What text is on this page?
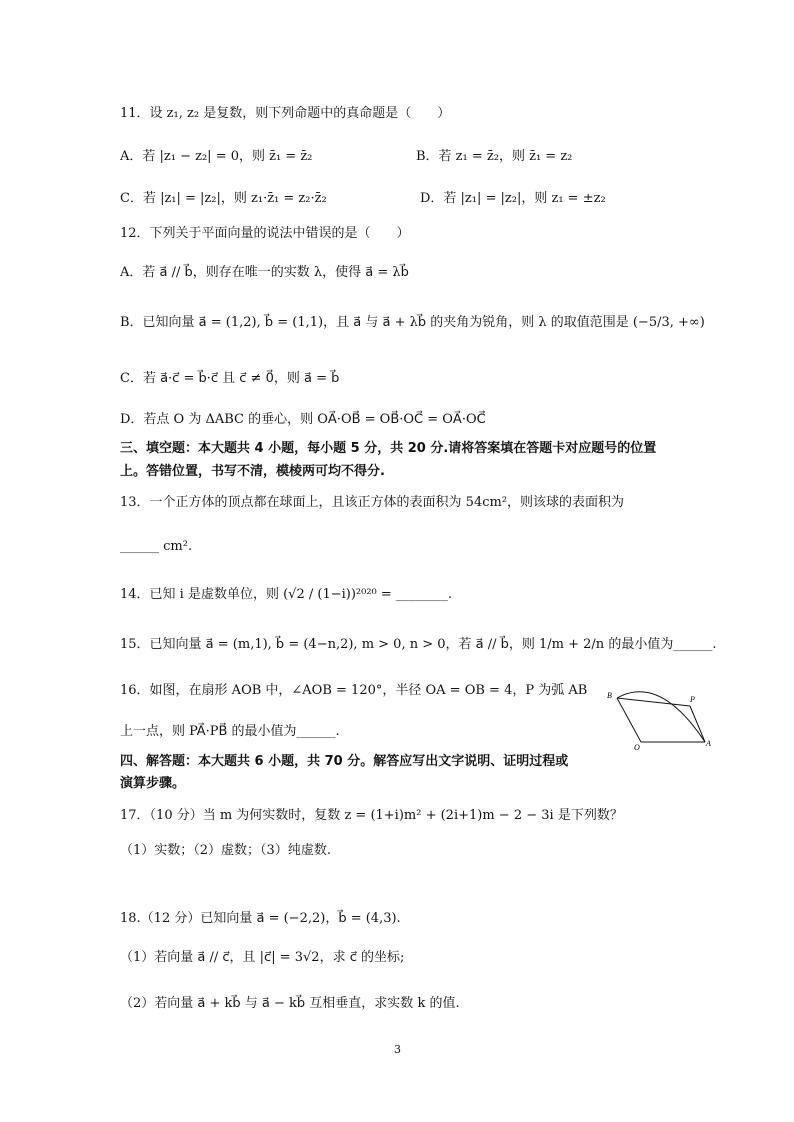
11．设 z₁, z₂ 是复数，则下列命题中的真命题是（　　）
A．若 |z₁ − z₂| = 0，则 z̄₁ = z̄₂	B．若 z₁ = z̄₂，则 z̄₁ = z₂
C．若 |z₁| = |z₂|，则 z₁·z̄₁ = z₂·z̄₂	D．若 |z₁| = |z₂|，则 z₁ = ±z₂
12．下列关于平面向量的说法中错误的是（　　）
A．若 a⃗ // b⃗，则存在唯一的实数 λ，使得 a⃗ = λb⃗
B．已知向量 a⃗ = (1,2), b⃗ = (1,1)，且 a⃗ 与 a⃗ + λb⃗ 的夹角为锐角，则 λ 的取值范围是 (−5/3, +∞)
C．若 a⃗·c⃗ = b⃗·c⃗ 且 c⃗ ≠ 0⃗，则 a⃗ = b⃗
D．若点 O 为 ΔABC 的垂心，则 OA⃗·OB⃗ = OB⃗·OC⃗ = OA⃗·OC⃗
三、填空题：本大题共 4 小题，每小题 5 分，共 20 分.请将答案填在答题卡对应题号的位置
上。答错位置，书写不清，模棱两可均不得分.
13．一个正方体的顶点都在球面上，且该正方体的表面积为 54cm²，则该球的表面积为
______ cm².
14．已知 i 是虚数单位，则 (√2 / (1−i))²⁰²⁰ = ________.
15．已知向量 a⃗ = (m,1), b⃗ = (4−n,2), m > 0, n > 0，若 a⃗ // b⃗，则 1/m + 2/n 的最小值为______.
16．如图，在扇形 AOB 中，∠AOB = 120°，半径 OA = OB = 4，P 为弧 AB
上一点，则 PA⃗·PB⃗ 的最小值为______.
B	P
O	A
四、解答题：本大题共 6 小题，共 70 分。解答应写出文字说明、证明过程或
演算步骤。
17．（10 分）当 m 为何实数时，复数 z = (1+i)m² + (2i+1)m − 2 − 3i 是下列数？
（1）实数；（2）虚数；（3）纯虚数.
18.（12 分）已知向量 a⃗ = (−2,2)，b⃗ = (4,3).
（1）若向量 a⃗ // c⃗，且 |c⃗| = 3√2，求 c⃗ 的坐标;
（2）若向量 a⃗ + kb⃗ 与 a⃗ − kb⃗ 互相垂直，求实数 k 的值.
3
